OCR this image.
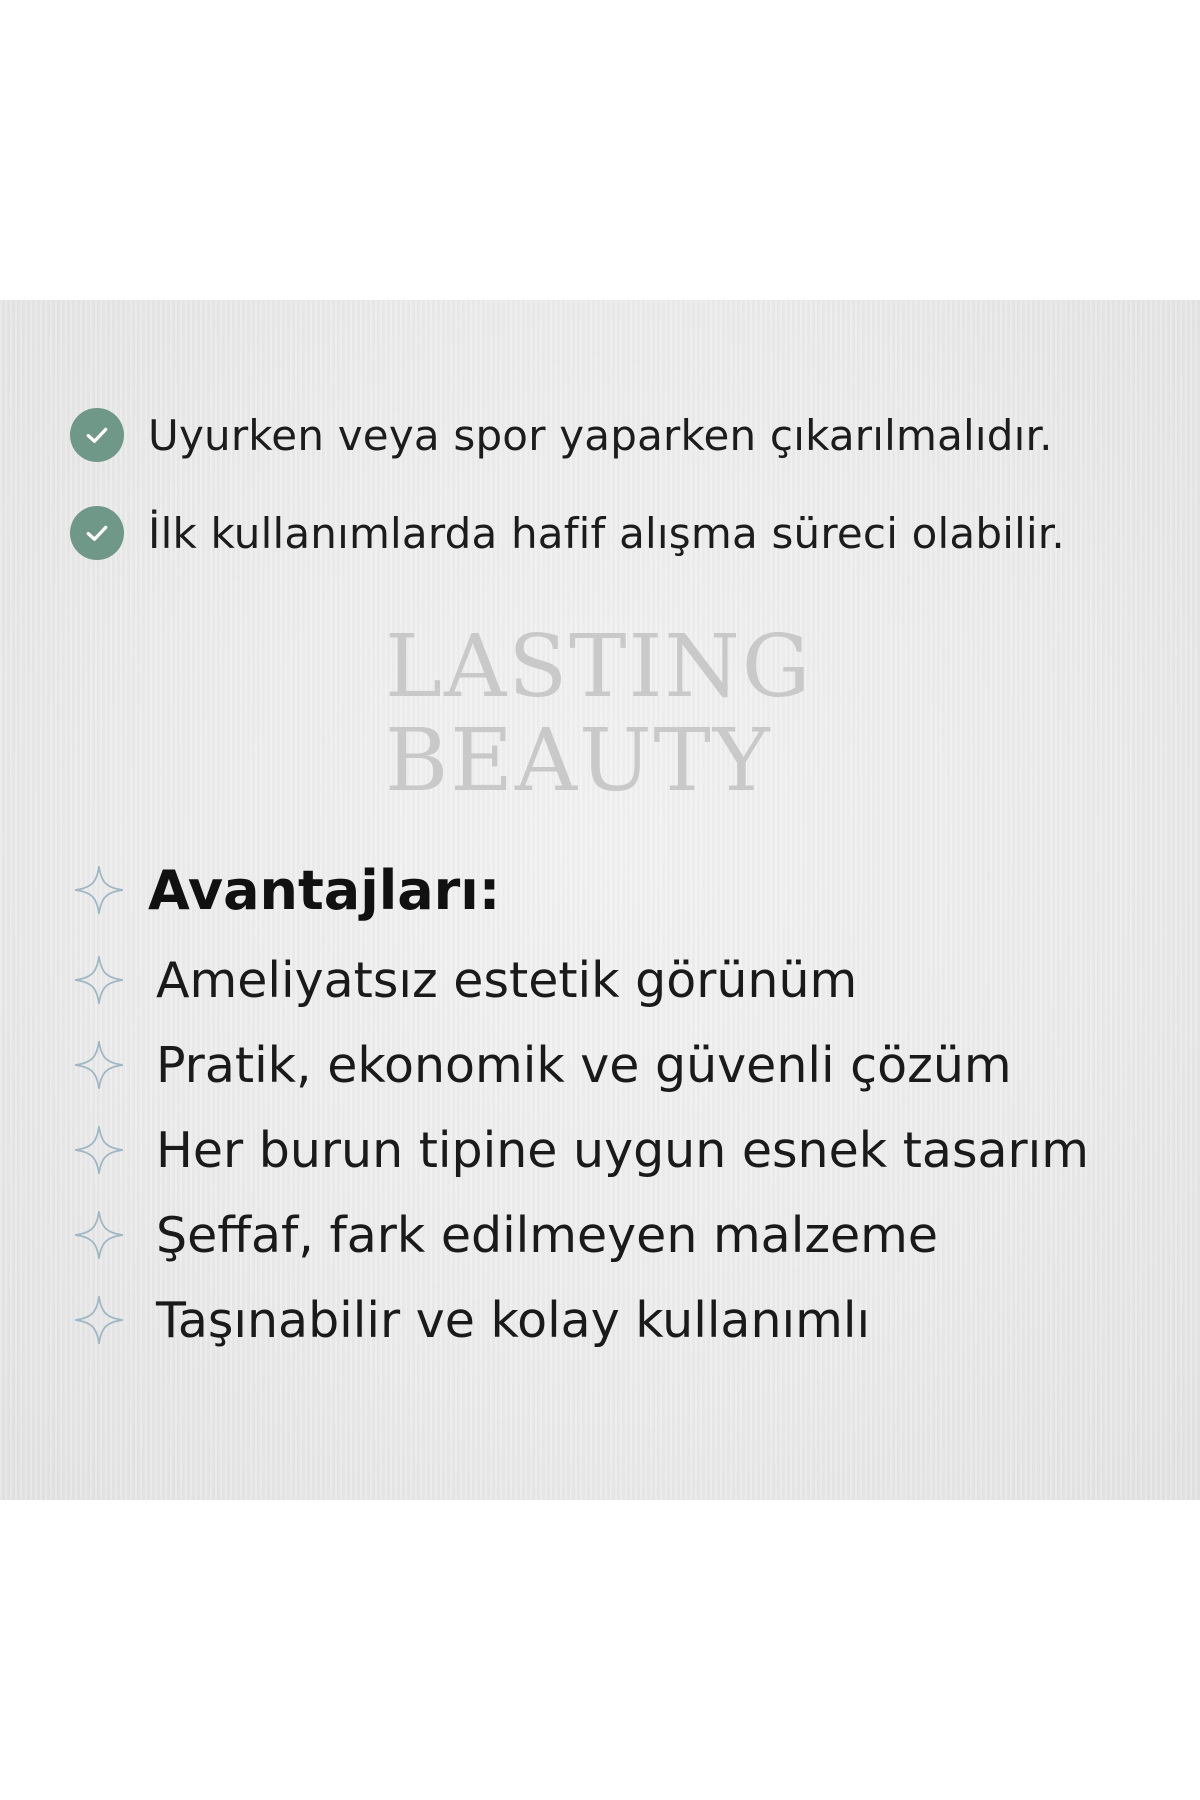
Uyurken veya spor yaparken çıkarılmalıdır.
İlk kullanımlarda hafif alışma süreci olabilir.
LASTING
BEAUTY
Avantajları:
Ameliyatsız estetik görünüm
Pratik, ekonomik ve güvenli çözüm
Her burun tipine uygun esnek tasarım
Şeffaf, fark edilmeyen malzeme
Taşınabilir ve kolay kullanımlı
